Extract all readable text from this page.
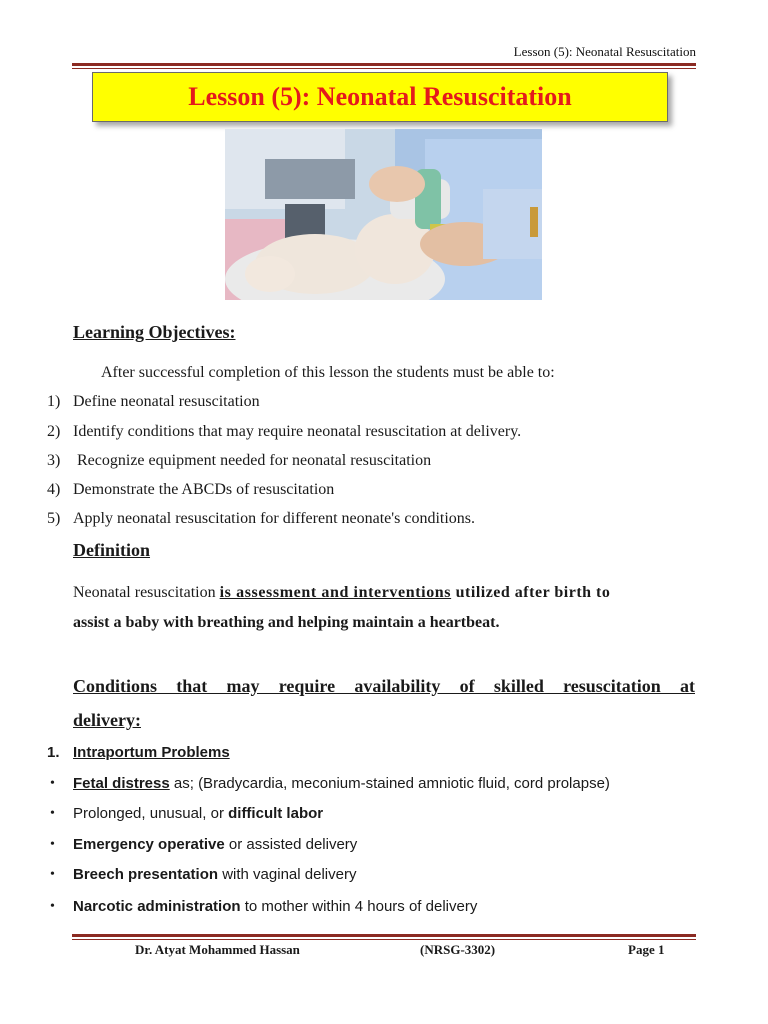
Lesson (5): Neonatal Resuscitation
Lesson (5): Neonatal Resuscitation
Learning Objectives:
After successful completion of this lesson the students must be able to:
1) Define neonatal resuscitation
2) Identify conditions that may require neonatal resuscitation at delivery.
3) Recognize equipment needed for neonatal resuscitation
4) Demonstrate the ABCDs of resuscitation
5) Apply neonatal resuscitation for different neonate's conditions.
Definition
Neonatal resuscitation is assessment and interventions utilized after birth to
assist a baby with breathing and helping maintain a heartbeat.
Conditions that may require availability of skilled resuscitation at
delivery:
1. Intraportum Problems
• Fetal distress as; (Bradycardia, meconium-stained amniotic fluid, cord prolapse)
• Prolonged, unusual, or difficult labor
• Emergency operative or assisted delivery
• Breech presentation with vaginal delivery
• Narcotic administration to mother within 4 hours of delivery
Dr. Atyat Mohammed Hassan	(NRSG-3302)	Page 1
